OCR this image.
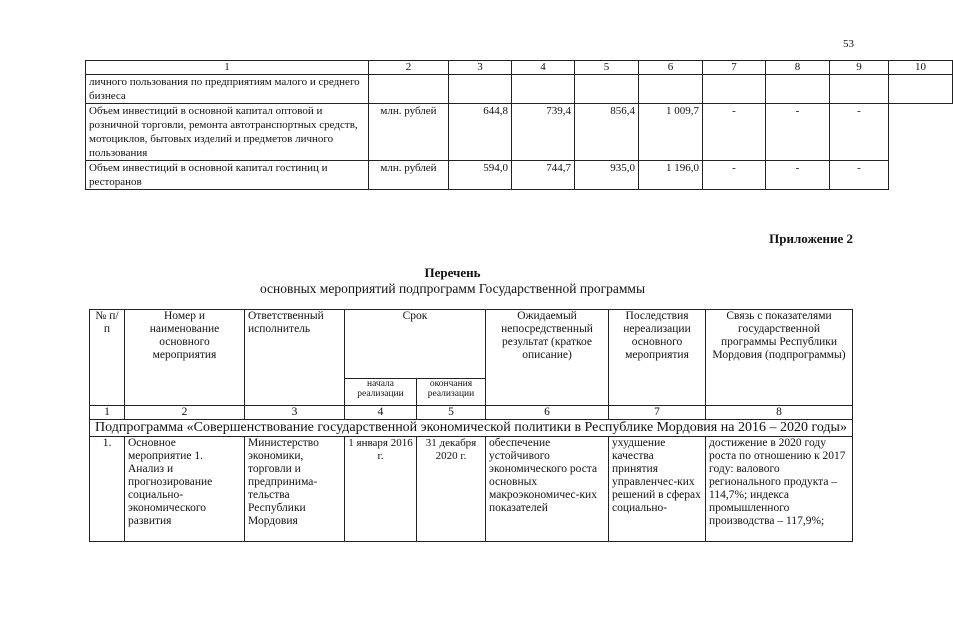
53
1	2	3	4	5	6	7	8	9	10
личного пользования по предприятиям малого и среднего бизнеса									
Объем инвестиций в основной капитал оптовой и розничной торговли, ремонта автотранспортных средств, мотоциклов, бытовых изделий и предметов личного пользования	млн. рублей	644,8	739,4	856,4	1 009,7	-	-	-	
Объем инвестиций в основной капитал гостиниц и ресторанов	млн. рублей	594,0	744,7	935,0	1 196,0	-	-	-	
Приложение 2
Перечень
основных мероприятий подпрограмм Государственной программы
№ п/п	Номер и наименование основного мероприятия	Ответственный исполнитель	Срок		Ожидаемый непосредственный результат (краткое описание)	Последствия нереализации основного мероприятия	Связь с показателями государственной программы Республики Мордовия (подпрограммы)
			начала реализации	окончания реализации			
1	2	3	4	5	6	7	8
Подпрограмма «Совершенствование государственной экономической политики в Республике Мордовия на 2016 – 2020 годы»							
1.	Основное мероприятие 1. Анализ и прогнозирование социально-экономического развития	Министерство экономики, торговли и предпринима-тельства Республики Мордовия	1 января 2016 г.	31 декабря 2020 г.	обеспечение устойчивого экономического роста основных макроэкономичес-ких показателей	ухудшение качества принятия управленчес-ких решений в сферах социально-	достижение в 2020 году роста по отношению к 2017 году: валового регионального продукта – 114,7%; индекса промышленного производства – 117,9%;
